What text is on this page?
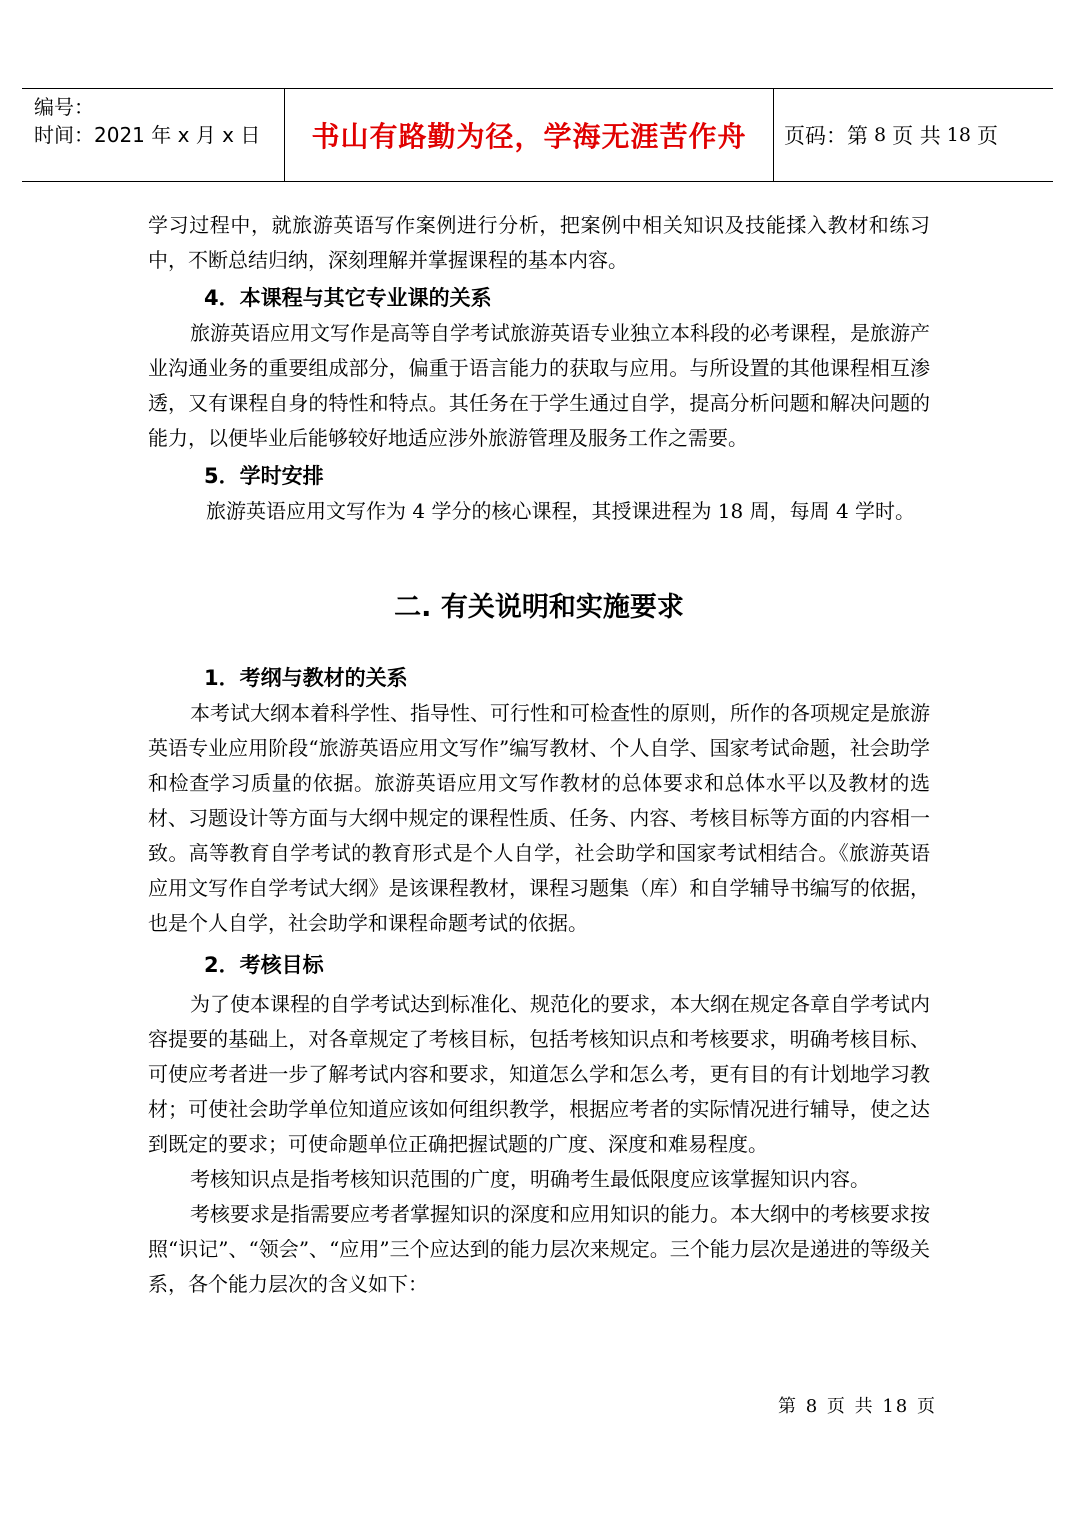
编号：
时间：2021 年 x 月 x 日	书山有路勤为径，学海无涯苦作舟	页码：第 8 页 共 18 页

学习过程中，就旅游英语写作案例进行分析，把案例中相关知识及技能揉入教材和练习中，不断总结归纳，深刻理解并掌握课程的基本内容。

4．本课程与其它专业课的关系

旅游英语应用文写作是高等自学考试旅游英语专业独立本科段的必考课程，是旅游产业沟通业务的重要组成部分，偏重于语言能力的获取与应用。与所设置的其他课程相互渗透，又有课程自身的特性和特点。其任务在于学生通过自学，提高分析问题和解决问题的能力，以便毕业后能够较好地适应涉外旅游管理及服务工作之需要。

5．学时安排

旅游英语应用文写作为 4 学分的核心课程，其授课进程为 18 周，每周 4 学时。

二. 有关说明和实施要求
1．考纲与教材的关系

本考试大纲本着科学性、指导性、可行性和可检查性的原则，所作的各项规定是旅游英语专业应用阶段“旅游英语应用文写作”编写教材、个人自学、国家考试命题，社会助学和检查学习质量的依据。旅游英语应用文写作教材的总体要求和总体水平以及教材的选材、习题设计等方面与大纲中规定的课程性质、任务、内容、考核目标等方面的内容相一致。高等教育自学考试的教育形式是个人自学，社会助学和国家考试相结合。《旅游英语应用文写作自学考试大纲》是该课程教材，课程习题集（库）和自学辅导书编写的依据，也是个人自学，社会助学和课程命题考试的依据。

2．考核目标

为了使本课程的自学考试达到标准化、规范化的要求，本大纲在规定各章自学考试内容提要的基础上，对各章规定了考核目标，包括考核知识点和考核要求，明确考核目标、可使应考者进一步了解考试内容和要求，知道怎么学和怎么考，更有目的有计划地学习教材；可使社会助学单位知道应该如何组织教学，根据应考者的实际情况进行辅导，使之达到既定的要求；可使命题单位正确把握试题的广度、深度和难易程度。

考核知识点是指考核知识范围的广度，明确考生最低限度应该掌握知识内容。

考核要求是指需要应考者掌握知识的深度和应用知识的能力。本大纲中的考核要求按照“识记”、“领会”、“应用”三个应达到的能力层次来规定。三个能力层次是递进的等级关系，各个能力层次的含义如下：

第 8 页 共 18 页
